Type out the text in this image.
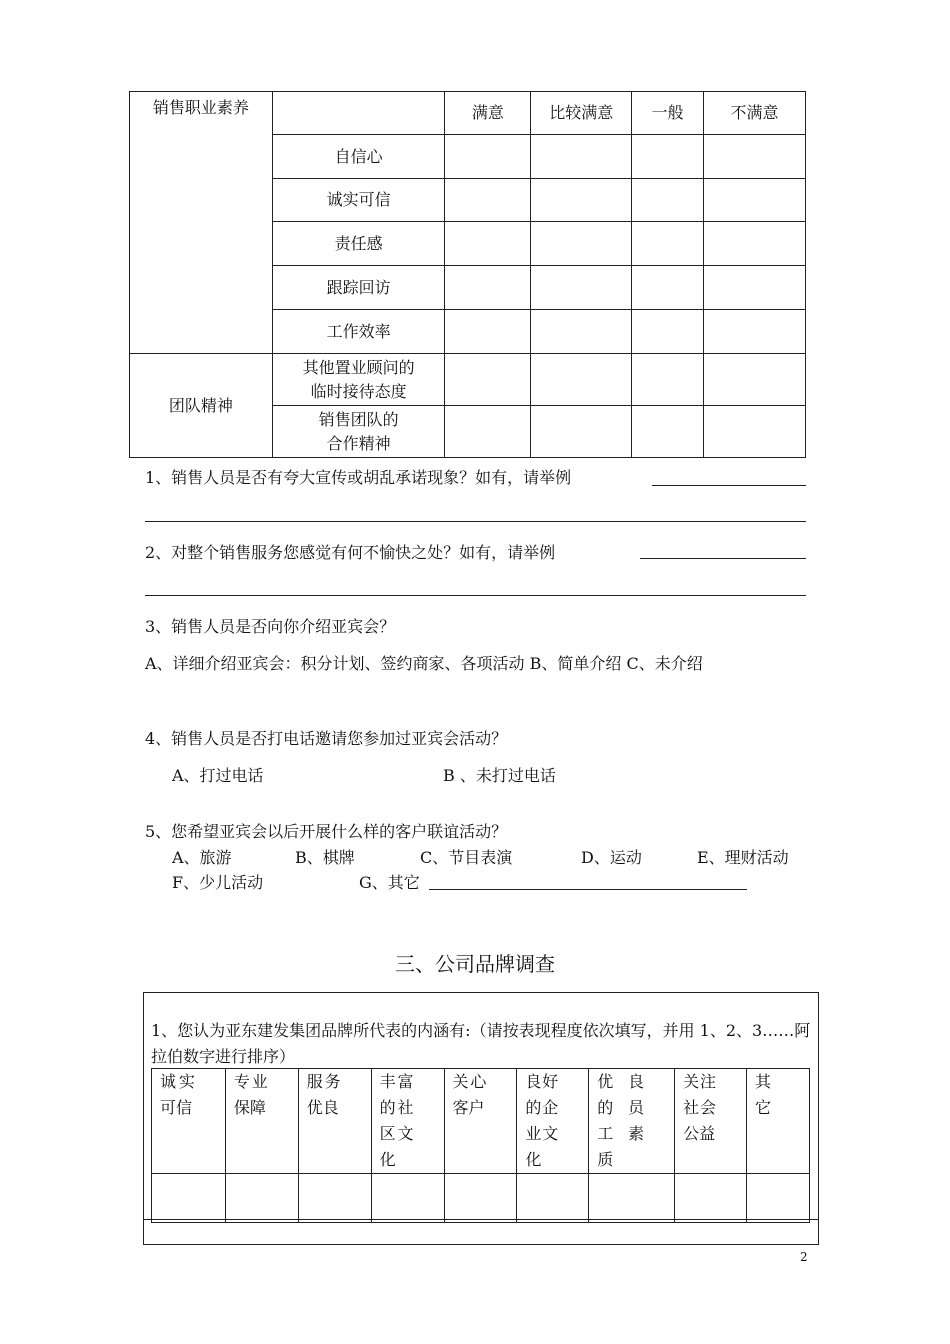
销售职业素养		满意	比较满意	一般	不满意
	自信心				
	诚实可信				
	责任感				
	跟踪回访				
	工作效率				
团队精神	其他置业顾问的
临时接待态度				

	销售团队的
合作精神				

1、销售人员是否有夸大宣传或胡乱承诺现象？如有，请举例
2、对整个销售服务您感觉有何不愉快之处？如有，请举例
3、销售人员是否向你介绍亚宾会？
A、详细介绍亚宾会：积分计划、签约商家、各项活动 B、简单介绍 C、未介绍
4、销售人员是否打电话邀请您参加过亚宾会活动？
A、打过电话	B 、未打过电话
5、您希望亚宾会以后开展什么样的客户联谊活动？
A、旅游	B、棋牌	C、节目表演	D、运动	E、理财活动
F、少儿活动	G、其它
三、公司品牌调查
1、您认为亚东建发集团品牌所代表的内涵有:（请按表现程度依次填写，并用 1、2、3……阿拉伯数字进行排序）
诚实可信	专业保障	服务优良	丰富的社区文化	关心客户	良好的企业文化	优良的员工素质	关注社会公益	其它

2
